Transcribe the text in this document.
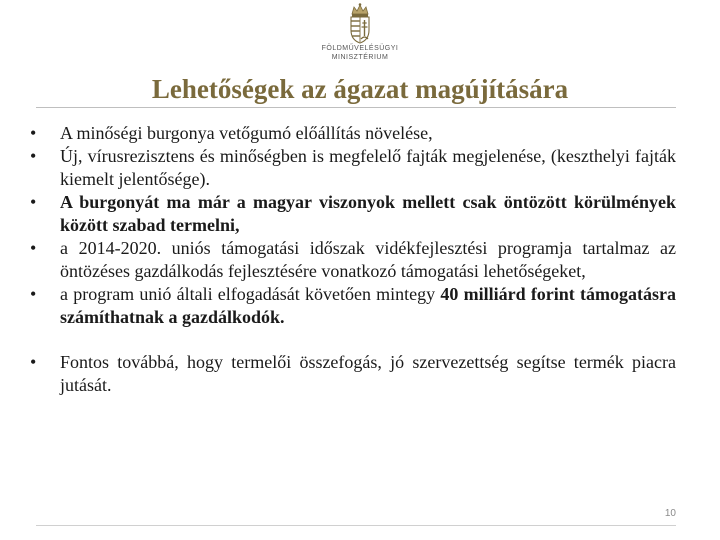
FÖLDMŰVELÉSÜGYI
MINISZTÉRIUM
Lehetőségek az ágazat magújítására
•	A minőségi burgonya vetőgumó előállítás növelése,
•	Új, vírusrezisztens és minőségben is megfelelő fajták megjelenése, (keszthelyi fajták kiemelt jelentősége).
•	A burgonyát ma már a magyar viszonyok mellett csak öntözött körülmények között szabad termelni,
•	a 2014-2020. uniós támogatási időszak vidékfejlesztési programja tartalmaz az öntözéses gazdálkodás fejlesztésére vonatkozó támogatási lehetőségeket,
•	a program unió általi elfogadását követően mintegy 40 milliárd forint támogatásra számíthatnak a gazdálkodók.
•	Fontos továbbá, hogy termelői összefogás, jó szervezettség segítse termék piacra jutását.
10
